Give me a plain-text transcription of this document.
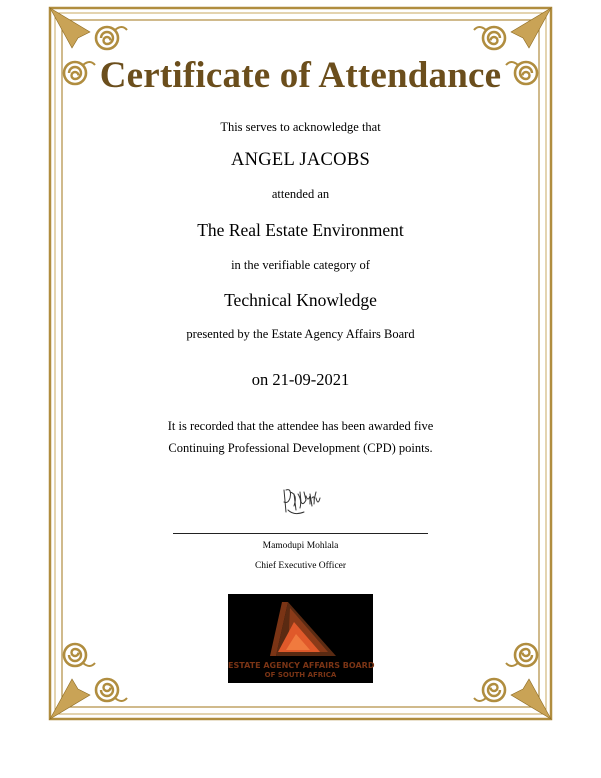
Certificate of Attendance
This serves to acknowledge that
ANGEL JACOBS
attended an
The Real Estate Environment
in the verifiable category of
Technical Knowledge
presented by the Estate Agency Affairs Board
on 21-09-2021
It is recorded that the attendee has been awarded five
Continuing Professional Development (CPD) points.
Mamodupi Mohlala
Chief Executive Officer
ESTATE AGENCY AFFAIRS BOARD
OF SOUTH AFRICA
